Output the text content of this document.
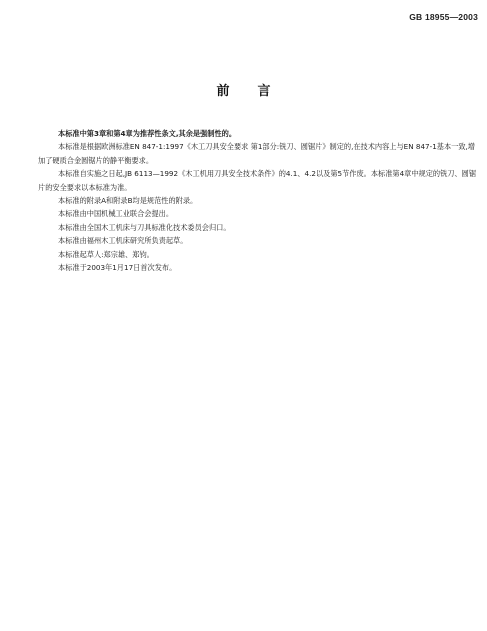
GB 18955—2003
前言

本标准中第3章和第4章为推荐性条文,其余是强制性的。

本标准是根据欧洲标准EN 847-1:1997《木工刀具安全要求 第1部分:铣刀、圆锯片》制定的,在技术内容上与EN 847-1基本一致,增加了硬质合金圆锯片的静平衡要求。

本标准自实施之日起,JB 6113—1992《木工机用刀具安全技术条件》的4.1、4.2以及第5节作废。本标准第4章中规定的铣刀、圆锯片的安全要求以本标准为准。

本标准的附录A和附录B均是规范性的附录。

本标准由中国机械工业联合会提出。

本标准由全国木工机床与刀具标准化技术委员会归口。

本标准由福州木工机床研究所负责起草。

本标准起草人:郑宗雄、郑钧。

本标准于2003年1月17日首次发布。
